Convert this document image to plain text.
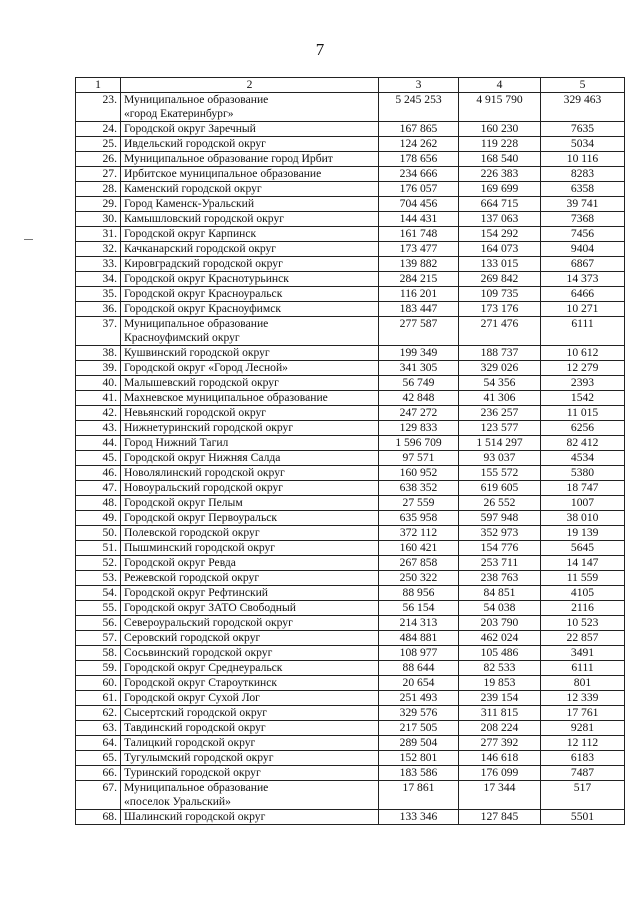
7
1	2	3	4	5
23.	Муниципальное образование
«город Екатеринбург»	5 245 253	4 915 790	329 463
24.	Городской округ Заречный	167 865	160 230	7635
25.	Ивдельский городской округ	124 262	119 228	5034
26.	Муниципальное образование город Ирбит	178 656	168 540	10 116
27.	Ирбитское муниципальное образование	234 666	226 383	8283
28.	Каменский городской округ	176 057	169 699	6358
29.	Город Каменск-Уральский	704 456	664 715	39 741
30.	Камышловский городской округ	144 431	137 063	7368
31.	Городской округ Карпинск	161 748	154 292	7456
32.	Качканарский городской округ	173 477	164 073	9404
33.	Кировградский городской округ	139 882	133 015	6867
34.	Городской округ Краснотурьинск	284 215	269 842	14 373
35.	Городской округ Красноуральск	116 201	109 735	6466
36.	Городской округ Красноуфимск	183 447	173 176	10 271
37.	Муниципальное образование
Красноуфимский округ	277 587	271 476	6111
38.	Кушвинский городской округ	199 349	188 737	10 612
39.	Городской округ «Город Лесной»	341 305	329 026	12 279
40.	Малышевский городской округ	56 749	54 356	2393
41.	Махневское муниципальное образование	42 848	41 306	1542
42.	Невьянский городской округ	247 272	236 257	11 015
43.	Нижнетуринский городской округ	129 833	123 577	6256
44.	Город Нижний Тагил	1 596 709	1 514 297	82 412
45.	Городской округ Нижняя Салда	97 571	93 037	4534
46.	Новолялинский городской округ	160 952	155 572	5380
47.	Новоуральский городской округ	638 352	619 605	18 747
48.	Городской округ Пелым	27 559	26 552	1007
49.	Городской округ Первоуральск	635 958	597 948	38 010
50.	Полевской городской округ	372 112	352 973	19 139
51.	Пышминский городской округ	160 421	154 776	5645
52.	Городской округ Ревда	267 858	253 711	14 147
53.	Режевской городской округ	250 322	238 763	11 559
54.	Городской округ Рефтинский	88 956	84 851	4105
55.	Городской округ ЗАТО Свободный	56 154	54 038	2116
56.	Североуральский городской округ	214 313	203 790	10 523
57.	Серовский городской округ	484 881	462 024	22 857
58.	Сосьвинский городской округ	108 977	105 486	3491
59.	Городской округ Среднеуральск	88 644	82 533	6111
60.	Городской округ Староуткинск	20 654	19 853	801
61.	Городской округ Сухой Лог	251 493	239 154	12 339
62.	Сысертский городской округ	329 576	311 815	17 761
63.	Тавдинский городской округ	217 505	208 224	9281
64.	Талицкий городской округ	289 504	277 392	12 112
65.	Тугулымский городской округ	152 801	146 618	6183
66.	Туринский городской округ	183 586	176 099	7487
67.	Муниципальное образование
«поселок Уральский»	17 861	17 344	517
68.	Шалинский городской округ	133 346	127 845	5501
